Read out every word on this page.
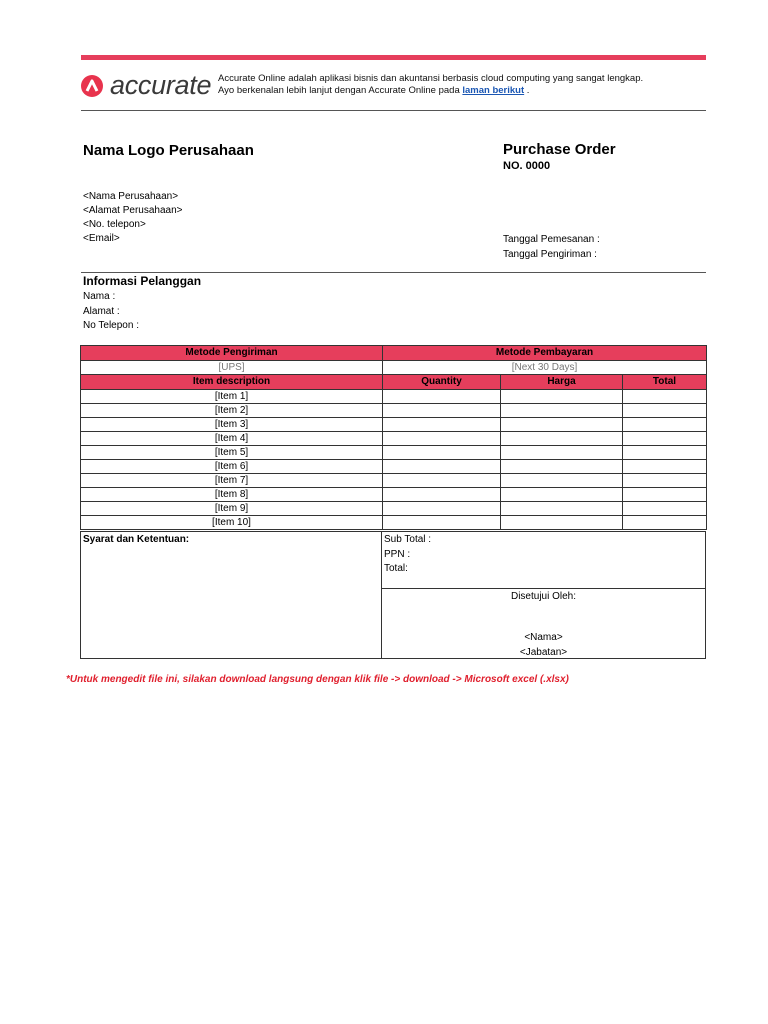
accurate Accurate Online adalah aplikasi bisnis dan akuntansi berbasis cloud computing yang sangat lengkap.
Ayo berkenalan lebih lanjut dengan Accurate Online pada laman berikut .
Nama Logo Perusahaan	Purchase Order
NO. 0000
<Nama Perusahaan>
<Alamat Perusahaan>
<No. telepon>
<Email>	Tanggal Pemesanan :
Tanggal Pengiriman :
Informasi Pelanggan
Nama :
Alamat :
No Telepon :
Metode Pengiriman	Metode Pembayaran		
[UPS]	[Next 30 Days]		
Item description	Quantity	Harga	Total
[Item 1]			
[Item 2]			
[Item 3]			
[Item 4]			
[Item 5]			
[Item 6]			
[Item 7]			
[Item 8]			
[Item 9]			
[Item 10]			
Syarat dan Ketentuan:	Sub Total :
PPN :
Total:
Disetujui Oleh:
<Nama>
<Jabatan>
*Untuk mengedit file ini, silakan download langsung dengan klik file -> download -> Microsoft excel (.xlsx)
